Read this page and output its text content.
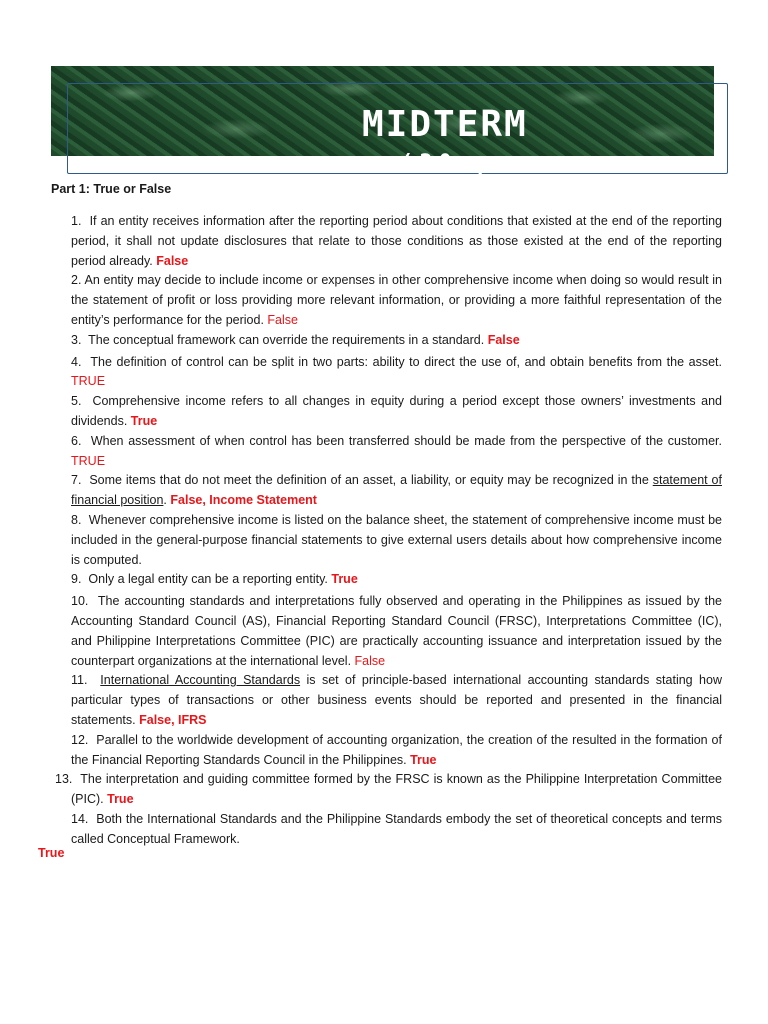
MIDTERM
(30 p
Part 1: True or False

1. If an entity receives information after the reporting period about conditions that existed at the end of the reporting period, it shall not update disclosures that relate to those conditions as those existed at the end of the reporting period already. False

2. An entity may decide to include income or expenses in other comprehensive income when doing so would result in the statement of profit or loss providing more relevant information, or providing a more faithful representation of the entity’s performance for the period. False

3. The conceptual framework can override the requirements in a standard. False

4. The definition of control can be split in two parts: ability to direct the use of, and obtain benefits from the asset. TRUE

5. Comprehensive income refers to all changes in equity during a period except those owners’ investments and dividends. True

6. When assessment of when control has been transferred should be made from the perspective of the customer. TRUE

7. Some items that do not meet the definition of an asset, a liability, or equity may be recognized in the statement of financial position. False, Income Statement

8. Whenever comprehensive income is listed on the balance sheet, the statement of comprehensive income must be included in the general-purpose financial statements to give external users details about how comprehensive income is computed.

9. Only a legal entity can be a reporting entity. True

10. The accounting standards and interpretations fully observed and operating in the Philippines as issued by the Accounting Standard Council (AS), Financial Reporting Standard Council (FRSC), Interpretations Committee (IC), and Philippine Interpretations Committee (PIC) are practically accounting issuance and interpretation issued by the counterpart organizations at the international level. False

11. International Accounting Standards is set of principle-based international accounting standards stating how particular types of transactions or other business events should be reported and presented in the financial statements. False, IFRS

12. Parallel to the worldwide development of accounting organization, the creation of the resulted in the formation of the Financial Reporting Standards Council in the Philippines. True

13. The interpretation and guiding committee formed by the FRSC is known as the Philippine Interpretation Committee (PIC). True

14. Both the International Standards and the Philippine Standards embody the set of theoretical concepts and terms called Conceptual Framework.

True
